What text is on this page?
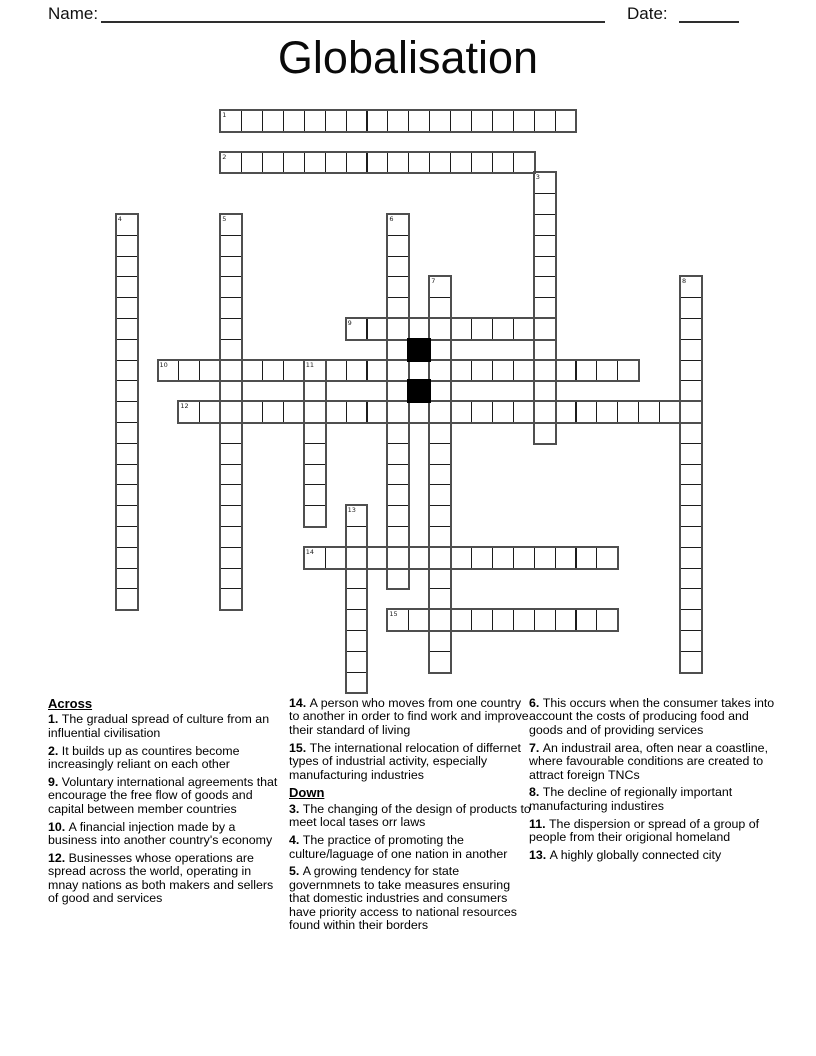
Name:	Date:
Globalisation
1
2
3
4	5	6
7	8
9
10	11
12
13
14
15
Across

1. The gradual spread of culture from an influential civilisation

2. It builds up as countires become increasingly reliant on each other

9. Voluntary international agreements that encourage the free flow of goods and capital between member countries

10. A financial injection made by a business into another country's economy

12. Businesses whose operations are spread across the world, operating in mnay nations as both makers and sellers of good and services

14. A person who moves from one country to another in order to find work and improve their standard of living

15. The international relocation of differnet types of industrial activity, especially manufacturing industries

Down

3. The changing of the design of products to meet local tases orr laws

4. The practice of promoting the culture/laguage of one nation in another

5. A growing tendency for state governmnets to take measures ensuring that domestic industries and consumers have priority access to national resources found within their borders

6. This occurs when the consumer takes into account the costs of producing food and goods and of providing services

7. An industrail area, often near a coastline, where favourable conditions are created to attract foreign TNCs

8. The decline of regionally important manufacturing industires

11. The dispersion or spread of a group of people from their origional homeland

13. A highly globally connected city
